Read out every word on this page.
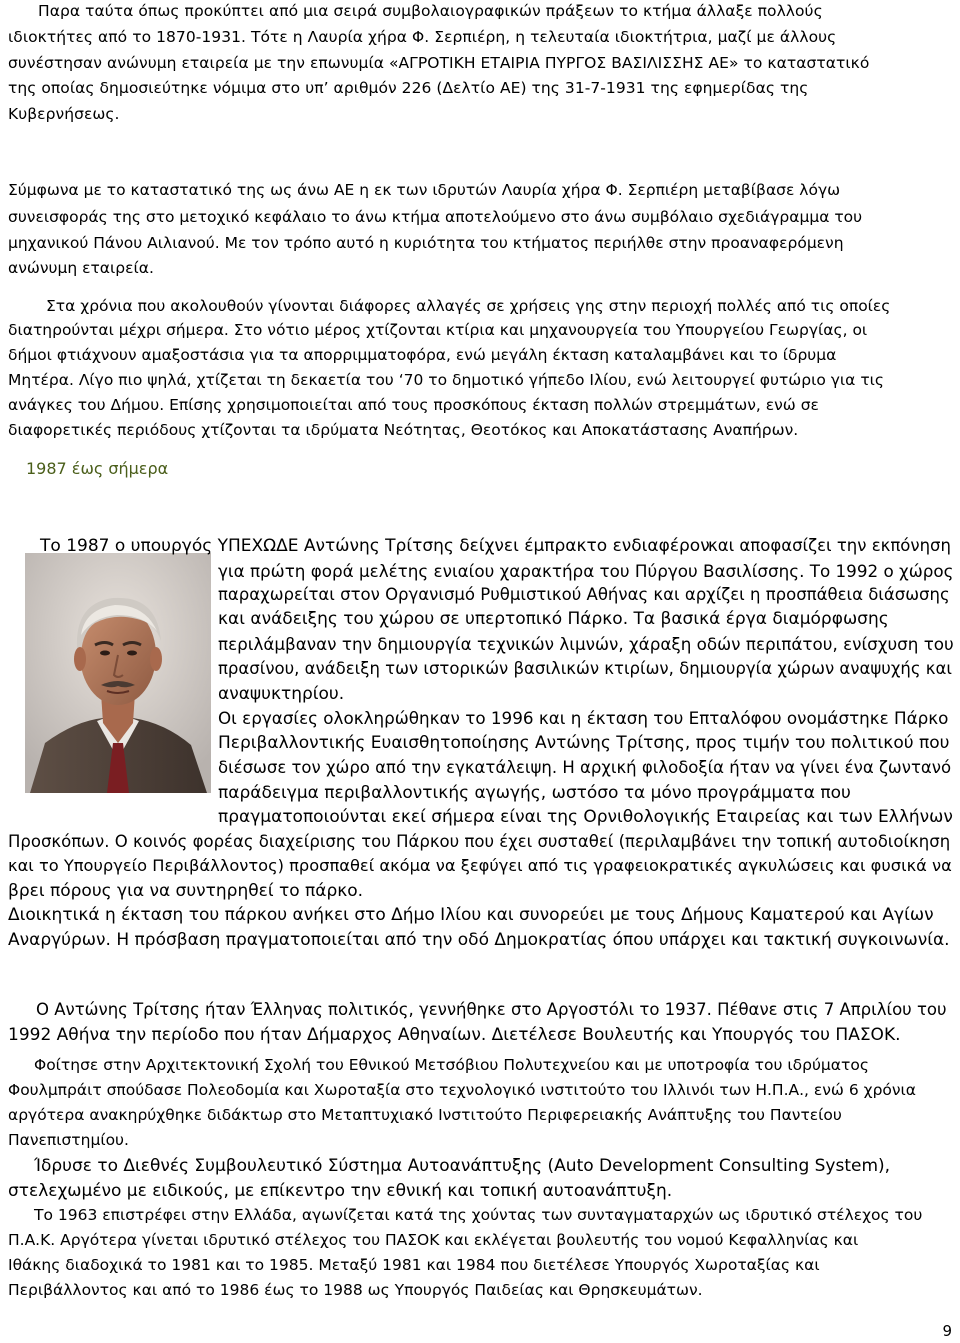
Παρα ταύτα όπως προκύπτει από μια σειρά συμβολαιογραφικών πράξεων το κτήμα άλλαξε πολλούς
ιδιοκτήτες από το 1870-1931. Τότε η Λαυρία χήρα Φ. Σερπιέρη, η τελευταία ιδιοκτήτρια, μαζί με άλλους
συνέστησαν ανώνυμη εταιρεία με την επωνυμία «ΑΓΡΟΤΙΚΗ ΕΤΑΙΡΙΑ ΠΥΡΓΟΣ ΒΑΣΙΛΙΣΣΗΣ ΑΕ» το καταστατικό
της οποίας δημοσιεύτηκε νόμιμα στο υπ’ αριθμόν 226 (Δελτίο ΑΕ) της 31-7-1931 της εφημερίδας της
Κυβερνήσεως.
Σύμφωνα με το καταστατικό της ως άνω ΑΕ η εκ των ιδρυτών Λαυρία χήρα Φ. Σερπιέρη μεταβίβασε λόγω
συνεισφοράς της στο μετοχικό κεφάλαιο το άνω κτήμα αποτελούμενο στο άνω συμβόλαιο σχεδιάγραμμα του
μηχανικού Πάνου Αιλιανού. Με τον τρόπο αυτό η κυριότητα του κτήματος περιήλθε στην προαναφερόμενη
ανώνυμη εταιρεία.
Στα χρόνια που ακολουθούν γίνονται διάφορες αλλαγές σε χρήσεις γης στην περιοχή πολλές από τις οποίες
διατηρούνται μέχρι σήμερα. Στο νότιο μέρος χτίζονται κτίρια και μηχανουργεία του Υπουργείου Γεωργίας, οι
δήμοι φτιάχνουν αμαξοστάσια για τα απορριμματοφόρα, ενώ μεγάλη έκταση καταλαμβάνει και το ίδρυμα
Μητέρα. Λίγο πιο ψηλά, χτίζεται τη δεκαετία του ‘70 το δημοτικό γήπεδο Ιλίου, ενώ λειτουργεί φυτώριο για τις
ανάγκες του Δήμου. Επίσης χρησιμοποιείται από τους προσκόπους έκταση πολλών στρεμμάτων, ενώ σε
διαφορετικές περιόδους χτίζονται τα ιδρύματα Νεότητας, Θεοτόκος και Αποκατάστασης Αναπήρων.
1987 έως σήμερα
Το 1987 ο υπουργός ΥΠΕΧΩΔΕ Αντώνης Τρίτσης δείχνει έμπρακτο ενδιαφέρον
και αποφασίζει την εκπόνηση
για πρώτη φορά μελέτης ενιαίου χαρακτήρα του Πύργου Βασιλίσσης. Το 1992 ο χώρος
παραχωρείται στον Οργανισμό Ρυθμιστικού Αθήνας και αρχίζει η προσπάθεια διάσωσης
και ανάδειξης του χώρου σε υπερτοπικό Πάρκο. Τα βασικά έργα διαμόρφωσης
περιλάμβαναν την δημιουργία τεχνικών λιμνών, χάραξη οδών περιπάτου, ενίσχυση του
πρασίνου, ανάδειξη των ιστορικών βασιλικών κτιρίων, δημιουργία χώρων αναψυχής και
αναψυκτηρίου.
Οι εργασίες ολοκληρώθηκαν το 1996 και η έκταση του Επταλόφου ονομάστηκε Πάρκο
Περιβαλλοντικής Ευαισθητοποίησης Αντώνης Τρίτσης, προς τιμήν του πολιτικού που
διέσωσε τον χώρο από την εγκατάλειψη. Η αρχική φιλοδοξία ήταν να γίνει ένα ζωντανό
παράδειγμα περιβαλλοντικής αγωγής, ωστόσο τα μόνο προγράμματα που
πραγματοποιούνται εκεί σήμερα είναι της Ορνιθολογικής Εταιρείας και των Ελλήνων
Προσκόπων. Ο κοινός φορέας διαχείρισης του Πάρκου που έχει συσταθεί (περιλαμβάνει την τοπική αυτοδιοίκηση
και το Υπουργείο Περιβάλλοντος) προσπαθεί ακόμα να ξεφύγει από τις γραφειοκρατικές αγκυλώσεις και φυσικά να
βρει πόρους για να συντηρηθεί το πάρκο.
Διοικητικά η έκταση του πάρκου ανήκει στο Δήμο Ιλίου και συνορεύει με τους Δήμους Καματερού και Αγίων
Αναργύρων. Η πρόσβαση πραγματοποιείται από την οδό Δημοκρατίας όπου υπάρχει και τακτική συγκοινωνία.
Ο Αντώνης Τρίτσης ήταν Έλληνας πολιτικός, γεννήθηκε στο Αργοστόλι το 1937. Πέθανε στις 7 Απριλίου του
1992 Αθήνα την περίοδο που ήταν Δήμαρχος Αθηναίων. Διετέλεσε Βουλευτής και Υπουργός του ΠΑΣΟΚ.
Φοίτησε στην Αρχιτεκτονική Σχολή του Εθνικού Μετσόβιου Πολυτεχνείου και με υποτροφία του ιδρύματος
Φουλμπράιτ σπούδασε Πολεοδομία και Χωροταξία στο τεχνολογικό ινστιτούτο του Ιλλινόι των Η.Π.Α., ενώ 6 χρόνια
αργότερα ανακηρύχθηκε διδάκτωρ στο Μεταπτυχιακό Ινστιτούτο Περιφερειακής Ανάπτυξης του Παντείου
Πανεπιστημίου.
Ίδρυσε το Διεθνές Συμβουλευτικό Σύστημα Αυτοανάπτυξης (Auto Development Consulting System),
στελεχωμένο με ειδικούς, με επίκεντρο την εθνική και τοπική αυτοανάπτυξη.
Το 1963 επιστρέφει στην Ελλάδα, αγωνίζεται κατά της χούντας των συνταγματαρχών ως ιδρυτικό στέλεχος του
Π.Α.Κ. Αργότερα γίνεται ιδρυτικό στέλεχος του ΠΑΣΟΚ και εκλέγεται βουλευτής του νομού Κεφαλληνίας και
Ιθάκης διαδοχικά το 1981 και το 1985. Μεταξύ 1981 και 1984 που διετέλεσε Υπουργός Χωροταξίας και
Περιβάλλοντος και από το 1986 έως το 1988 ως Υπουργός Παιδείας και Θρησκευμάτων.
9
